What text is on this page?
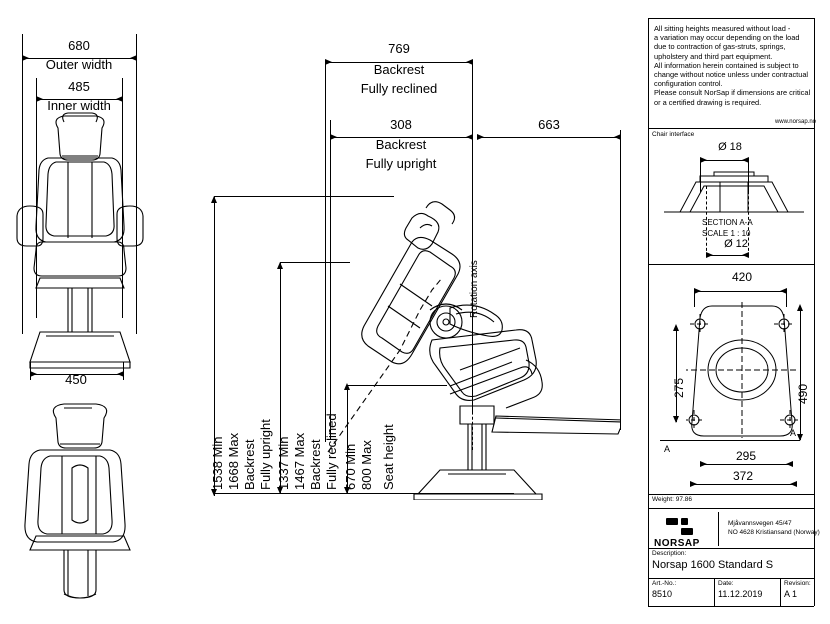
680
Outer width
485
Inner width
450
769
Backrest
Fully reclined
308
Backrest
Fully upright
663
1538 Min 1668 Max Backrest Fully upright 1337 Min 1467 Max Backrest Fully reclined 670 Min 800 Max Seat height
Rotation axis
All sitting heights measured without load -
a variation may occur depending on the load
due to contraction of gas-struts, springs,
upholstery and third part equipment.
All information herein contained is subject to
change without notice unless under contractual
configuration control.
Please consult NorSap if dimensions are critical
or a certified drawing is required.
www.norsap.no
Chair interface
Ø 18
SECTION A-A
SCALE 1 : 10
Ø 12
420
275	490
A
A
295
372
Weight: 97.86
NORSAP
Mjåvannsvegen 45/47
NO 4628 Kristiansand (Norway)
Description:
Norsap 1600 Standard S
Art.-No.:
8510
Date:
11.12.2019
Revision:
A 1
